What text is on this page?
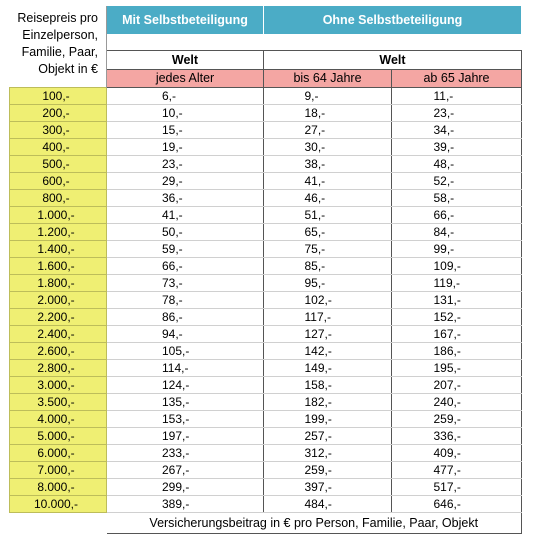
Reisepreis pro
Einzelperson,
Familie, Paar,
Objekt in €	Mit Selbstbeteiligung	Ohne Selbstbeteiligung	

	Welt	Welt	
	jedes Alter	bis 64 Jahre	ab 65 Jahre
100,-	6,-	9,-	11,-
200,-	10,-	18,-	23,-
300,-	15,-	27,-	34,-
400,-	19,-	30,-	39,-
500,-	23,-	38,-	48,-
600,-	29,-	41,-	52,-
800,-	36,-	46,-	58,-
1.000,-	41,-	51,-	66,-
1.200,-	50,-	65,-	84,-
1.400,-	59,-	75,-	99,-
1.600,-	66,-	85,-	109,-
1.800,-	73,-	95,-	119,-
2.000,-	78,-	102,-	131,-
2.200,-	86,-	117,-	152,-
2.400,-	94,-	127,-	167,-
2.600,-	105,-	142,-	186,-
2.800,-	114,-	149,-	195,-
3.000,-	124,-	158,-	207,-
3.500,-	135,-	182,-	240,-
4.000,-	153,-	199,-	259,-
5.000,-	197,-	257,-	336,-
6.000,-	233,-	312,-	409,-
7.000,-	267,-	259,-	477,-
8.000,-	299,-	397,-	517,-
10.000,-	389,-	484,-	646,-
	Versicherungsbeitrag in € pro Person, Familie, Paar, Objekt		
